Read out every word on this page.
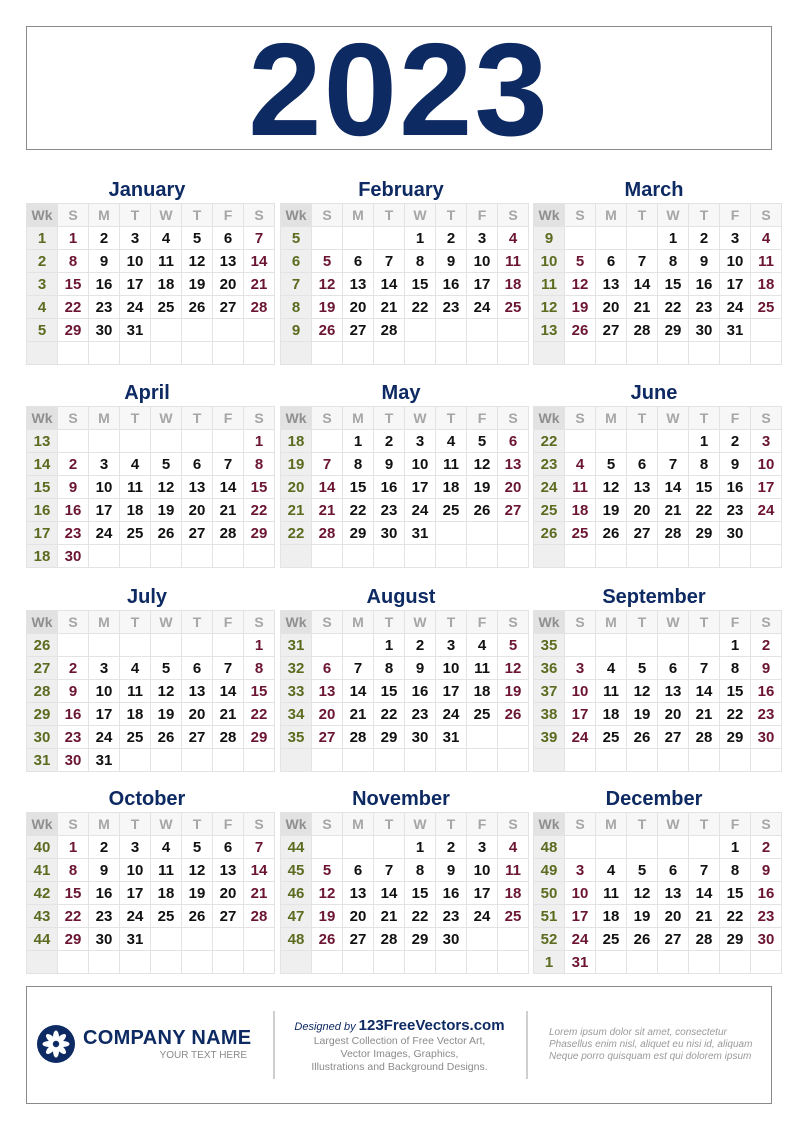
2023
January
Wk	S	M	T	W	T	F	S
1	1	2	3	4	5	6	7
2	8	9	10	11	12	13	14
3	15	16	17	18	19	20	21
4	22	23	24	25	26	27	28
5	29	30	31				

February
Wk	S	M	T	W	T	F	S
5				1	2	3	4
6	5	6	7	8	9	10	11
7	12	13	14	15	16	17	18
8	19	20	21	22	23	24	25
9	26	27	28				

March
Wk	S	M	T	W	T	F	S
9				1	2	3	4
10	5	6	7	8	9	10	11
11	12	13	14	15	16	17	18
12	19	20	21	22	23	24	25
13	26	27	28	29	30	31	

April
Wk	S	M	T	W	T	F	S
13							1
14	2	3	4	5	6	7	8
15	9	10	11	12	13	14	15
16	16	17	18	19	20	21	22
17	23	24	25	26	27	28	29
18	30						
May
Wk	S	M	T	W	T	F	S
18		1	2	3	4	5	6
19	7	8	9	10	11	12	13
20	14	15	16	17	18	19	20
21	21	22	23	24	25	26	27
22	28	29	30	31			

June
Wk	S	M	T	W	T	F	S
22					1	2	3
23	4	5	6	7	8	9	10
24	11	12	13	14	15	16	17
25	18	19	20	21	22	23	24
26	25	26	27	28	29	30	

July
Wk	S	M	T	W	T	F	S
26							1
27	2	3	4	5	6	7	8
28	9	10	11	12	13	14	15
29	16	17	18	19	20	21	22
30	23	24	25	26	27	28	29
31	30	31					
August
Wk	S	M	T	W	T	F	S
31			1	2	3	4	5
32	6	7	8	9	10	11	12
33	13	14	15	16	17	18	19
34	20	21	22	23	24	25	26
35	27	28	29	30	31		

September
Wk	S	M	T	W	T	F	S
35						1	2
36	3	4	5	6	7	8	9
37	10	11	12	13	14	15	16
38	17	18	19	20	21	22	23
39	24	25	26	27	28	29	30

October
Wk	S	M	T	W	T	F	S
40	1	2	3	4	5	6	7
41	8	9	10	11	12	13	14
42	15	16	17	18	19	20	21
43	22	23	24	25	26	27	28
44	29	30	31				

November
Wk	S	M	T	W	T	F	S
44				1	2	3	4
45	5	6	7	8	9	10	11
46	12	13	14	15	16	17	18
47	19	20	21	22	23	24	25
48	26	27	28	29	30		

December
Wk	S	M	T	W	T	F	S
48						1	2
49	3	4	5	6	7	8	9
50	10	11	12	13	14	15	16
51	17	18	19	20	21	22	23
52	24	25	26	27	28	29	30
1	31						
COMPANY NAME
YOUR TEXT HERE
Designed by 123FreeVectors.com
Largest Collection of Free Vector Art,
Vector Images, Graphics,
Illustrations and Background Designs.
Lorem ipsum dolor sit amet, consectetur
Phasellus enim nisl, aliquet eu nisi id, aliquam
Neque porro quisquam est qui dolorem ipsum
